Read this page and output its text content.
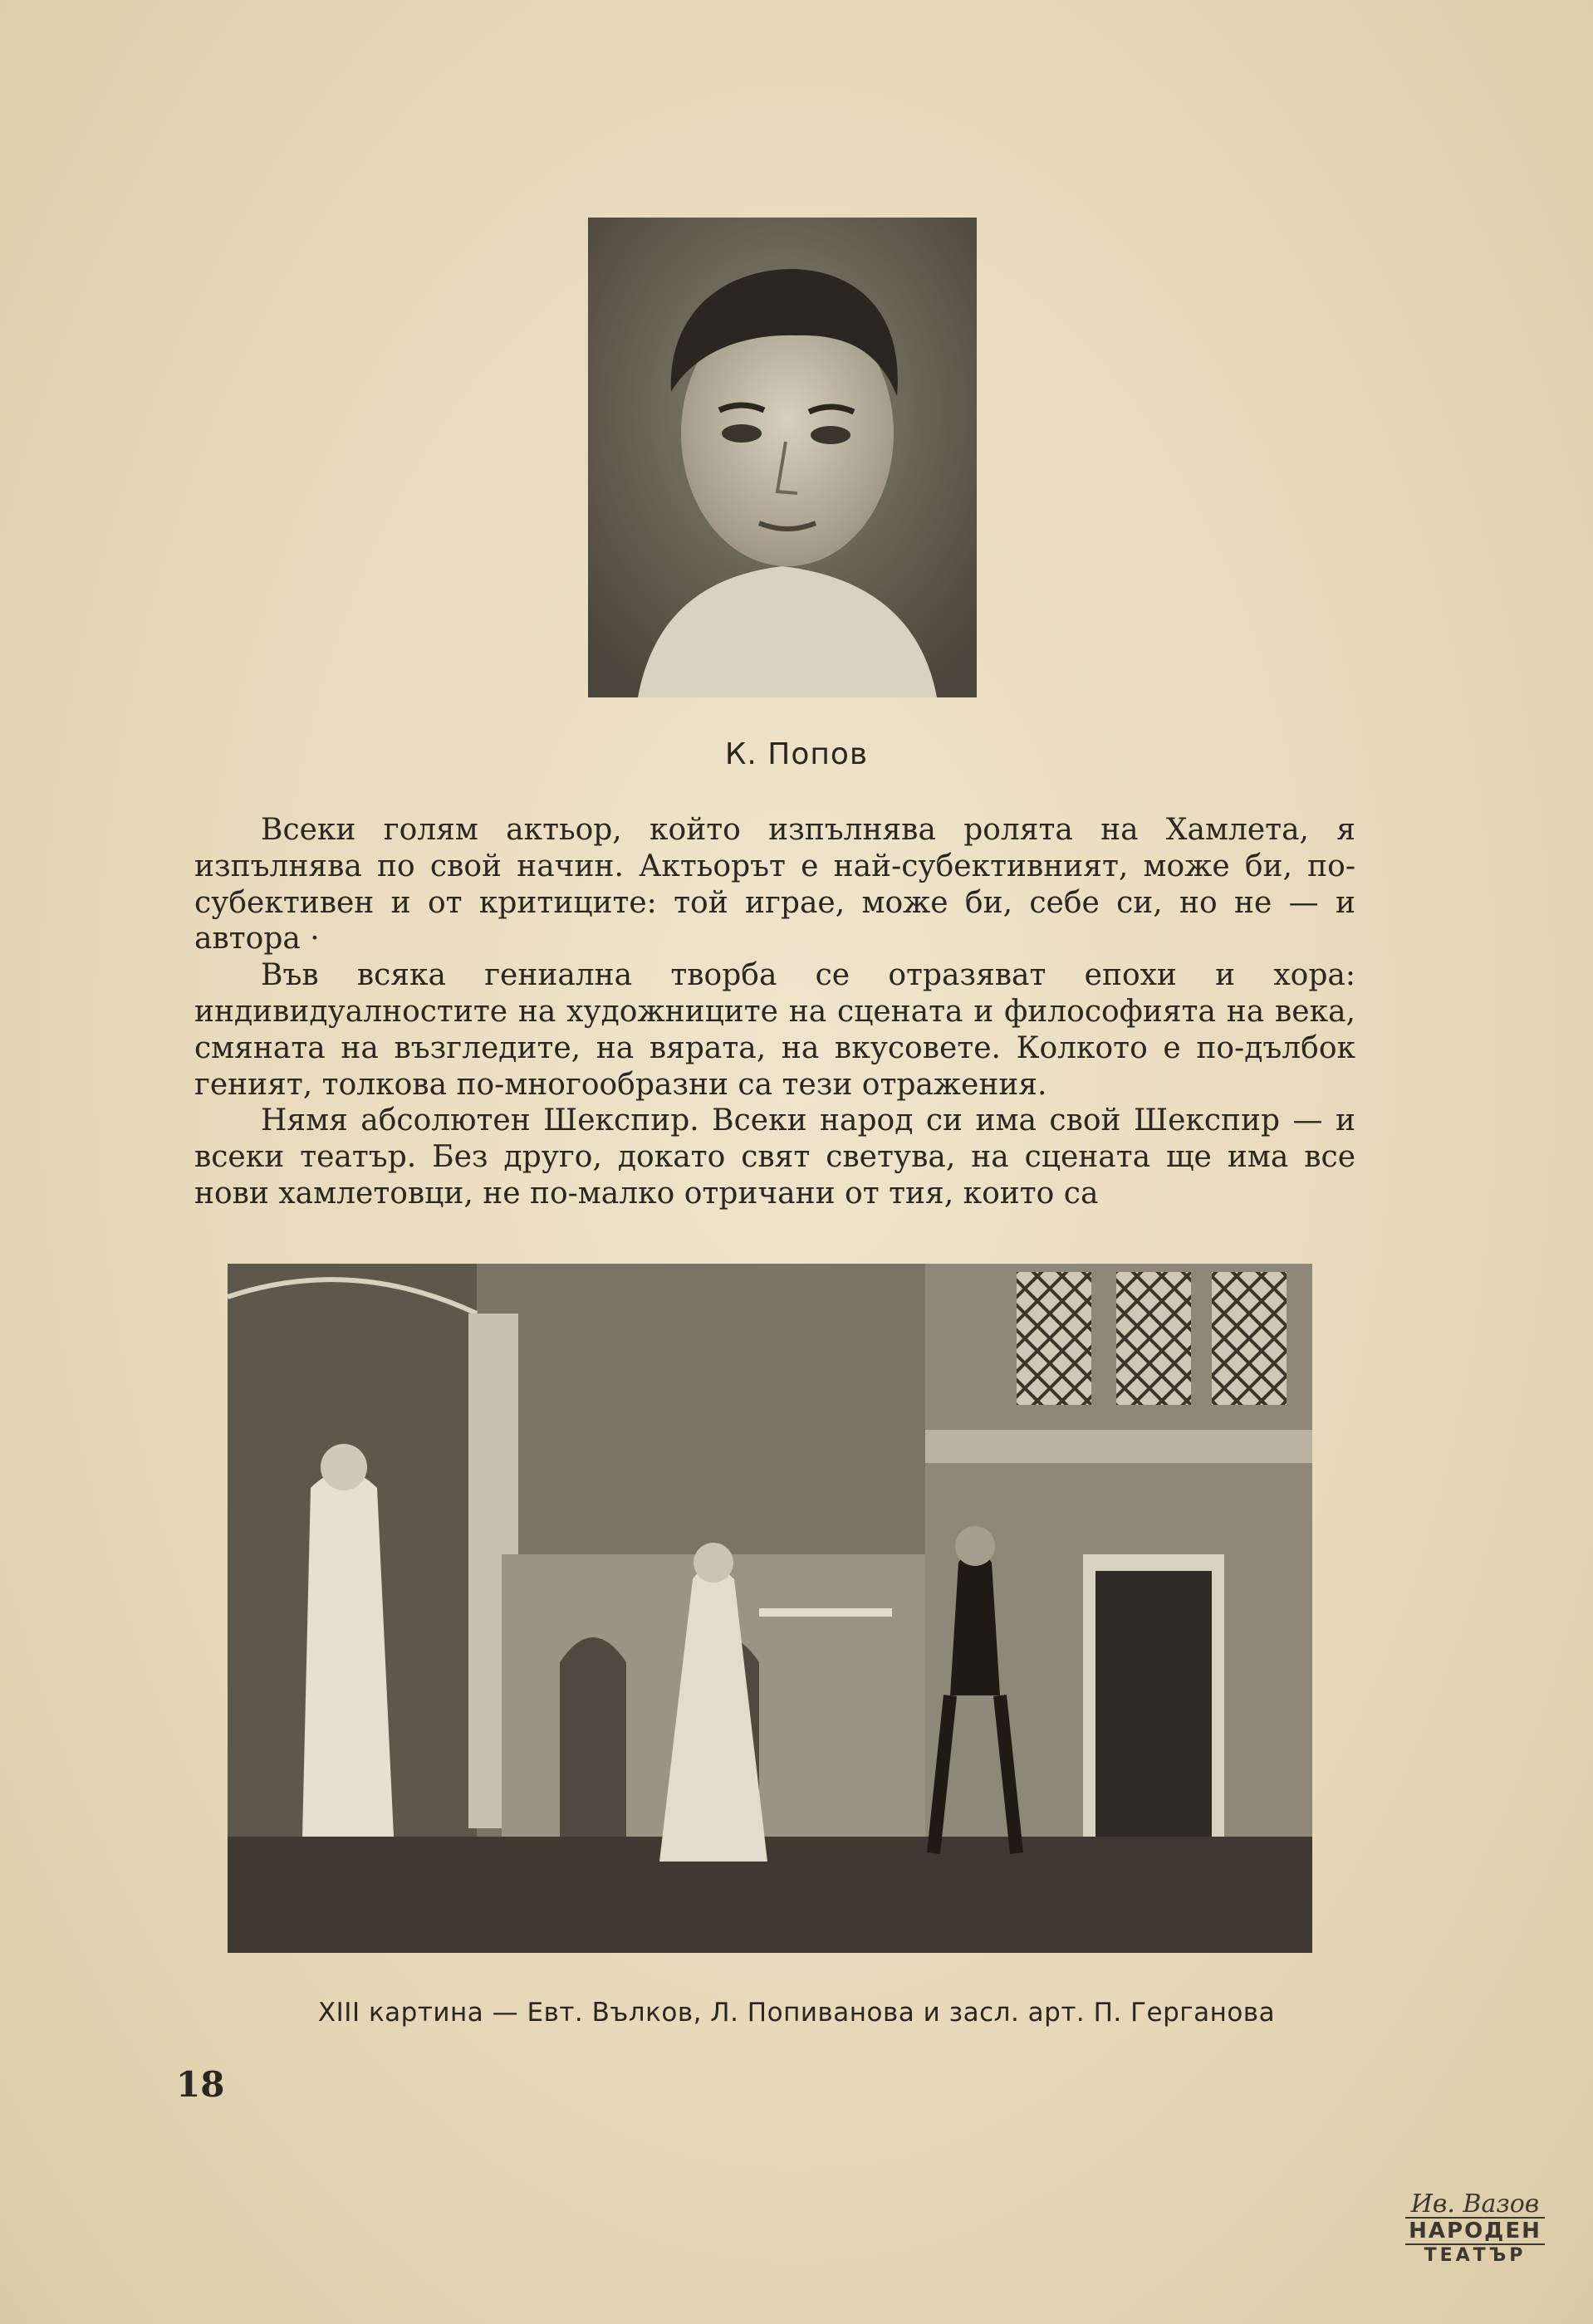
К. Попов

Всеки голям актьор, който изпълнява ролята на Хамлета, я изпълнява по свой начин. Актьорът е най-субективният, може би, по-субективен и от критиците: той играе, може би, себе си, но не — и автора ·

Във всяка гениална творба се отразяват епохи и хора: индивидуалностите на художниците на сцената и философията на века, смяната на възгледите, на вярата, на вкусовете. Колкото е по-дълбок геният, толкова по-многообразни са тези отражения.

Нямя абсолютен Шекспир. Всеки народ си има свой Шекспир — и всеки театър. Без друго, докато свят светува, на сцената ще има все нови хамлетовци, не по-малко отричани от тия, които са

XIII картина — Евт. Вълков, Л. Попиванова и засл. арт. П. Герганова
18
Ив. Вазов
НАРОДЕН
ТЕАТЪР
